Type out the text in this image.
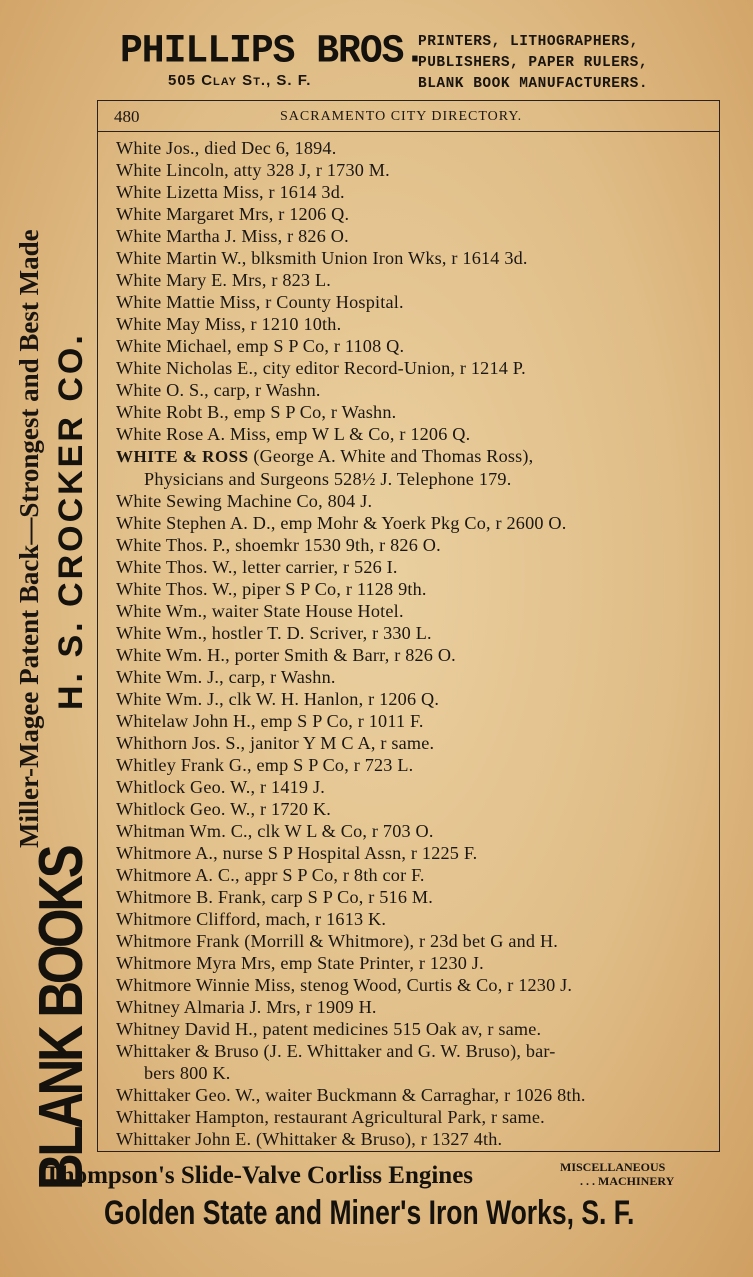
PHILLIPS BROS.
505 Clay St., S. F.
PRINTERS, LITHOGRAPHERS,
PUBLISHERS, PAPER RULERS,
BLANK BOOK MANUFACTURERS.
BLANK BOOKS
Miller-Magee Patent Back—Strongest and Best Made H. S. CROCKER CO.
480	SACRAMENTO CITY DIRECTORY.
White Jos., died Dec 6, 1894.
White Lincoln, atty 328 J, r 1730 M.
White Lizetta Miss, r 1614 3d.
White Margaret Mrs, r 1206 Q.
White Martha J. Miss, r 826 O.
White Martin W., blksmith Union Iron Wks, r 1614 3d.
White Mary E. Mrs, r 823 L.
White Mattie Miss, r County Hospital.
White May Miss, r 1210 10th.
White Michael, emp S P Co, r 1108 Q.
White Nicholas E., city editor Record-Union, r 1214 P.
White O. S., carp, r Washn.
White Robt B., emp S P Co, r Washn.
White Rose A. Miss, emp W L & Co, r 1206 Q.
WHITE & ROSS (George A. White and Thomas Ross),
Physicians and Surgeons 528½ J. Telephone 179.
White Sewing Machine Co, 804 J.
White Stephen A. D., emp Mohr & Yoerk Pkg Co, r 2600 O.
White Thos. P., shoemkr 1530 9th, r 826 O.
White Thos. W., letter carrier, r 526 I.
White Thos. W., piper S P Co, r 1128 9th.
White Wm., waiter State House Hotel.
White Wm., hostler T. D. Scriver, r 330 L.
White Wm. H., porter Smith & Barr, r 826 O.
White Wm. J., carp, r Washn.
White Wm. J., clk W. H. Hanlon, r 1206 Q.
Whitelaw John H., emp S P Co, r 1011 F.
Whithorn Jos. S., janitor Y M C A, r same.
Whitley Frank G., emp S P Co, r 723 L.
Whitlock Geo. W., r 1419 J.
Whitlock Geo. W., r 1720 K.
Whitman Wm. C., clk W L & Co, r 703 O.
Whitmore A., nurse S P Hospital Assn, r 1225 F.
Whitmore A. C., appr S P Co, r 8th cor F.
Whitmore B. Frank, carp S P Co, r 516 M.
Whitmore Clifford, mach, r 1613 K.
Whitmore Frank (Morrill & Whitmore), r 23d bet G and H.
Whitmore Myra Mrs, emp State Printer, r 1230 J.
Whitmore Winnie Miss, stenog Wood, Curtis & Co, r 1230 J.
Whitney Almaria J. Mrs, r 1909 H.
Whitney David H., patent medicines 515 Oak av, r same.
Whittaker & Bruso (J. E. Whittaker and G. W. Bruso), bar-
bers 800 K.
Whittaker Geo. W., waiter Buckmann & Carraghar, r 1026 8th.
Whittaker Hampton, restaurant Agricultural Park, r same.
Whittaker John E. (Whittaker & Bruso), r 1327 4th.
Thompson's Slide-Valve Corliss Engines	MISCELLANEOUS
. . . MACHINERY
Golden State and Miner's Iron Works, S. F.
